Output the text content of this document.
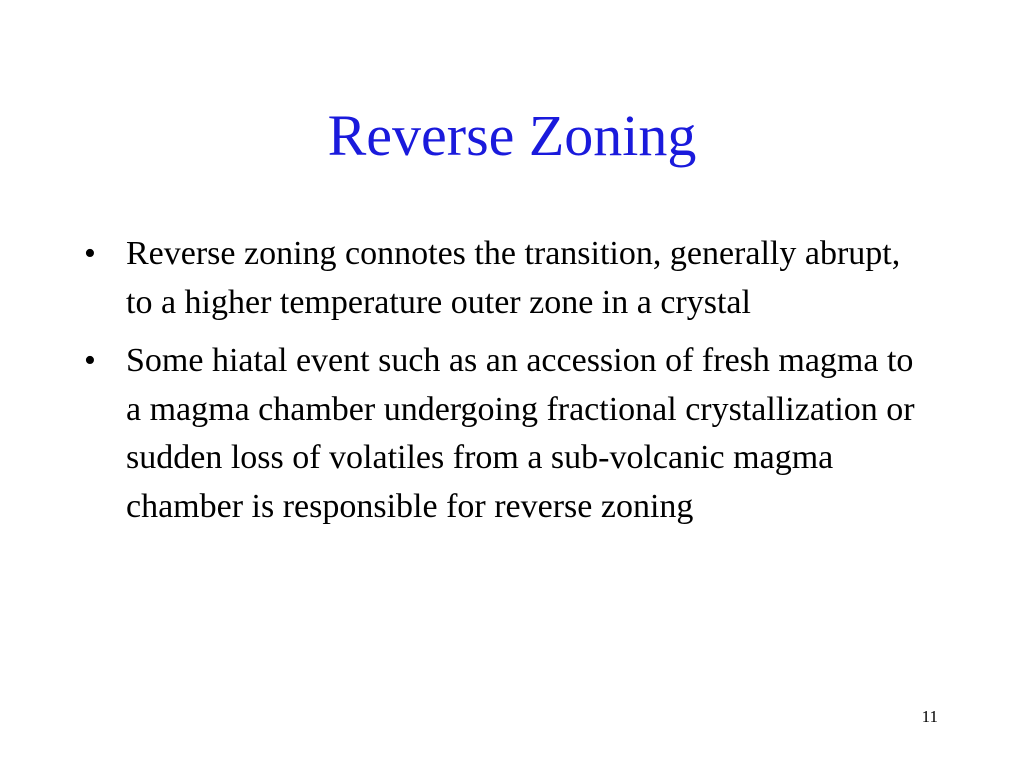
Reverse Zoning
• Reverse zoning connotes the transition, generally abrupt, to a higher temperature outer zone in a crystal
• Some hiatal event such as an accession of fresh magma to a magma chamber undergoing fractional crystallization or sudden loss of volatiles from a sub-volcanic magma chamber is responsible for reverse zoning
11
